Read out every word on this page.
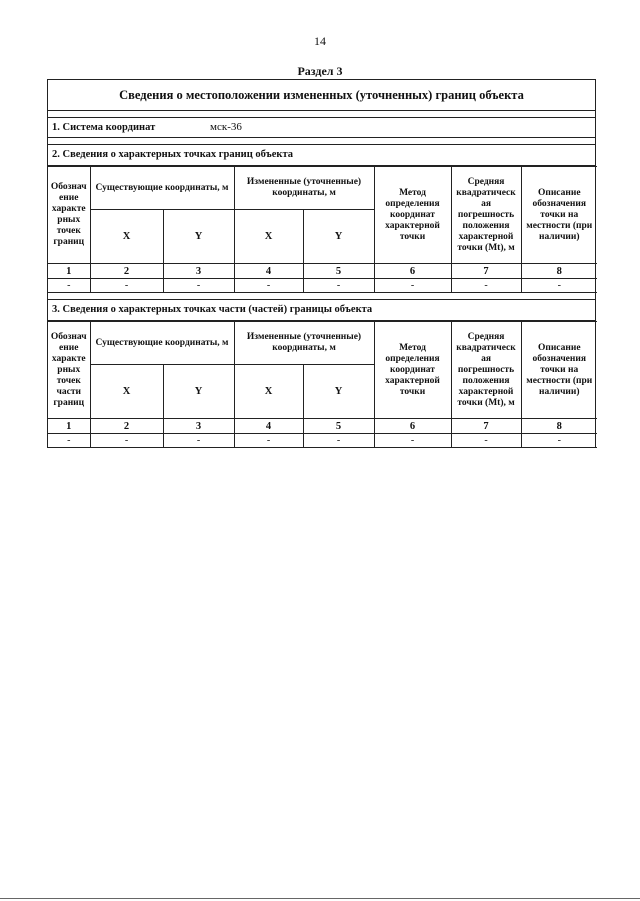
14
Раздел 3
Сведения о местоположении измененных (уточненных) границ объекта
1. Система координат	мск-36
2. Сведения о характерных точках границ объекта
Обознач ение характе рных точек границ	Существующие координаты, м		Измененные (уточненные) координаты, м		Метод определения координат характерной точки	Средняя квадратическ ая погрешность положения характерной точки (Mt), м	Описание обозначения точки на местности (при наличии)
	X	Y	X	Y			
1	2	3	4	5	6	7	8
-	-	-	-	-	-	-	-
3. Сведения о характерных точках части (частей) границы объекта
Обознач ение характе рных точек части границ	Существующие координаты, м		Измененные (уточненные) координаты, м		Метод определения координат характерной точки	Средняя квадратическ ая погрешность положения характерной точки (Mt), м	Описание обозначения точки на местности (при наличии)
	X	Y	X	Y			
1	2	3	4	5	6	7	8
-	-	-	-	-	-	-	-
